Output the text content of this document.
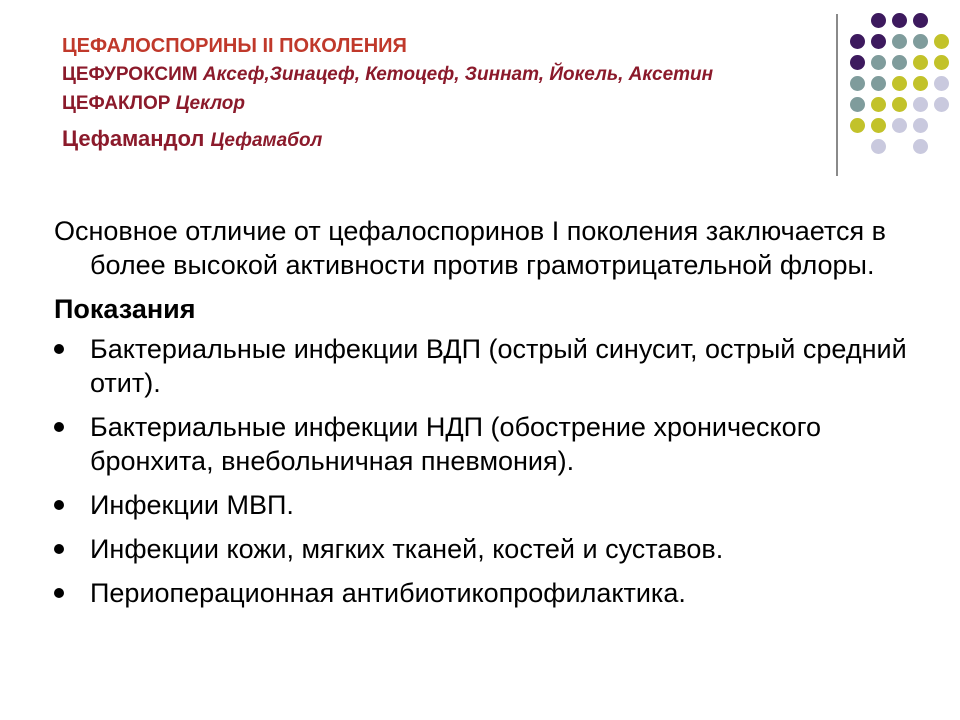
ЦЕФАЛОСПОРИНЫ II ПОКОЛЕНИЯ
ЦЕФУРОКСИМ Аксеф,Зинацеф, Кетоцеф, Зиннат, Йокель, Аксетин
ЦЕФАКЛОР Цеклор
Цефамандол Цефамабол

Основное отличие от цефалоспоринов I поколения заключается в более высокой активности против грамотрицательной флоры.

Показания

Бактериальные инфекции ВДП (острый синусит, острый средний отит).
Бактериальные инфекции НДП (обострение хронического бронхита, внебольничная пневмония).
Инфекции МВП.
Инфекции кожи, мягких тканей, костей и суставов.
Периоперационная антибиотикопрофилактика.
